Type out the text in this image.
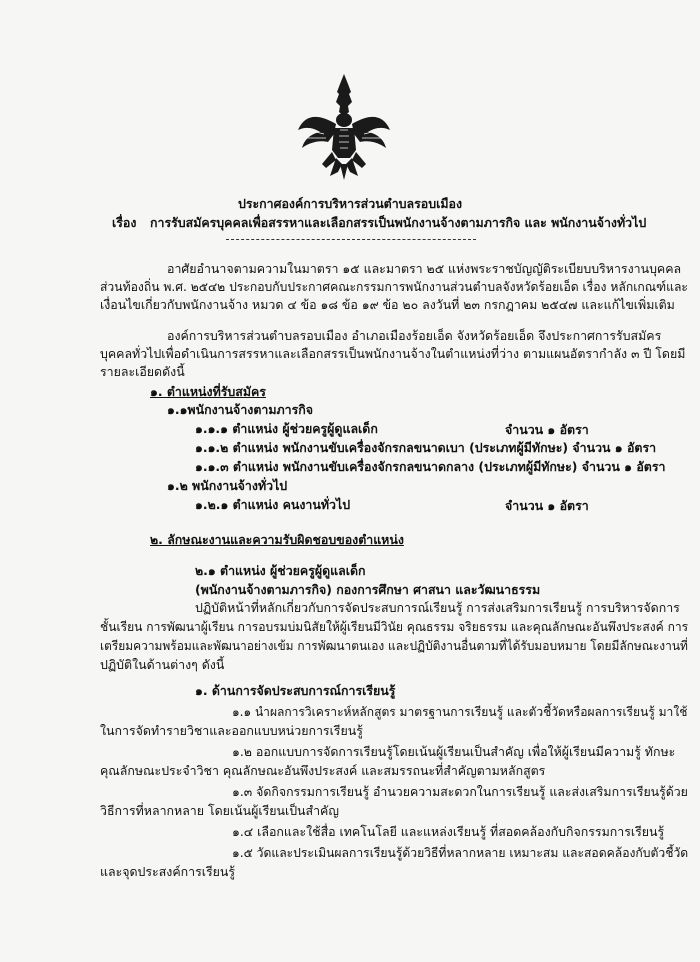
ประกาศองค์การบริหารส่วนตำบลรอบเมือง
เรื่อง การรับสมัครบุคคลเพื่อสรรหาและเลือกสรรเป็นพนักงานจ้างตามภารกิจ และ พนักงานจ้างทั่วไป
อาศัยอำนาจตามความในมาตรา ๑๕ และมาตรา ๒๕ แห่งพระราชบัญญัติระเบียบบริหารงานบุคคล
ส่วนท้องถิ่น พ.ศ. ๒๕๔๒ ประกอบกับประกาศคณะกรรมการพนักงานส่วนตำบลจังหวัดร้อยเอ็ด เรื่อง หลักเกณฑ์และ
เงื่อนไขเกี่ยวกับพนักงานจ้าง หมวด ๔ ข้อ ๑๘ ข้อ ๑๙ ข้อ ๒๐ ลงวันที่ ๒๓ กรกฎาคม ๒๕๔๗ และแก้ไขเพิ่มเติม
องค์การบริหารส่วนตำบลรอบเมือง อำเภอเมืองร้อยเอ็ด จังหวัดร้อยเอ็ด จึงประกาศการรับสมัคร
บุคคลทั่วไปเพื่อดำเนินการสรรหาและเลือกสรรเป็นพนักงานจ้างในตำแหน่งที่ว่าง ตามแผนอัตรากำลัง ๓ ปี โดยมี
รายละเอียดดังนี้
๑. ตำแหน่งที่รับสมัคร
๑.๑พนักงานจ้างตามภารกิจ
๑.๑.๑ ตำแหน่ง ผู้ช่วยครูผู้ดูแลเด็ก	จำนวน ๑ อัตรา
๑.๑.๒ ตำแหน่ง พนักงานขับเครื่องจักรกลขนาดเบา (ประเภทผู้มีทักษะ) จำนวน ๑ อัตรา
๑.๑.๓ ตำแหน่ง พนักงานขับเครื่องจักรกลขนาดกลาง (ประเภทผู้มีทักษะ) จำนวน ๑ อัตรา
๑.๒ พนักงานจ้างทั่วไป
๑.๒.๑ ตำแหน่ง คนงานทั่วไป	จำนวน ๑ อัตรา
๒. ลักษณะงานและความรับผิดชอบของตำแหน่ง
๒.๑ ตำแหน่ง ผู้ช่วยครูผู้ดูแลเด็ก
(พนักงานจ้างตามภารกิจ) กองการศึกษา ศาสนา และวัฒนาธรรม
ปฏิบัติหน้าที่หลักเกี่ยวกับการจัดประสบการณ์เรียนรู้ การส่งเสริมการเรียนรู้ การบริหารจัดการ
ชั้นเรียน การพัฒนาผู้เรียน การอบรมบ่มนิสัยให้ผู้เรียนมีวินัย คุณธรรม จริยธรรม และคุณลักษณะอันพึงประสงค์ การ
เตรียมความพร้อมและพัฒนาอย่างเข้ม การพัฒนาตนเอง และปฏิบัติงานอื่นตามที่ได้รับมอบหมาย โดยมีลักษณะงานที่
ปฏิบัติในด้านต่างๆ ดังนี้
๑. ด้านการจัดประสบการณ์การเรียนรู้
๑.๑ นำผลการวิเคราะห์หลักสูตร มาตรฐานการเรียนรู้ และตัวชี้วัดหรือผลการเรียนรู้ มาใช้
ในการจัดทำรายวิชาและออกแบบหน่วยการเรียนรู้
๑.๒ ออกแบบการจัดการเรียนรู้โดยเน้นผู้เรียนเป็นสำคัญ เพื่อให้ผู้เรียนมีความรู้ ทักษะ
คุณลักษณะประจำวิชา คุณลักษณะอันพึงประสงค์ และสมรรถนะที่สำคัญตามหลักสูตร
๑.๓ จัดกิจกรรมการเรียนรู้ อำนวยความสะดวกในการเรียนรู้ และส่งเสริมการเรียนรู้ด้วย
วิธีการที่หลากหลาย โดยเน้นผู้เรียนเป็นสำคัญ
๑.๔ เลือกและใช้สื่อ เทคโนโลยี และแหล่งเรียนรู้ ที่สอดคล้องกับกิจกรรมการเรียนรู้
๑.๕ วัดและประเมินผลการเรียนรู้ด้วยวิธีที่หลากหลาย เหมาะสม และสอดคล้องกับตัวชี้วัด
และจุดประสงค์การเรียนรู้
